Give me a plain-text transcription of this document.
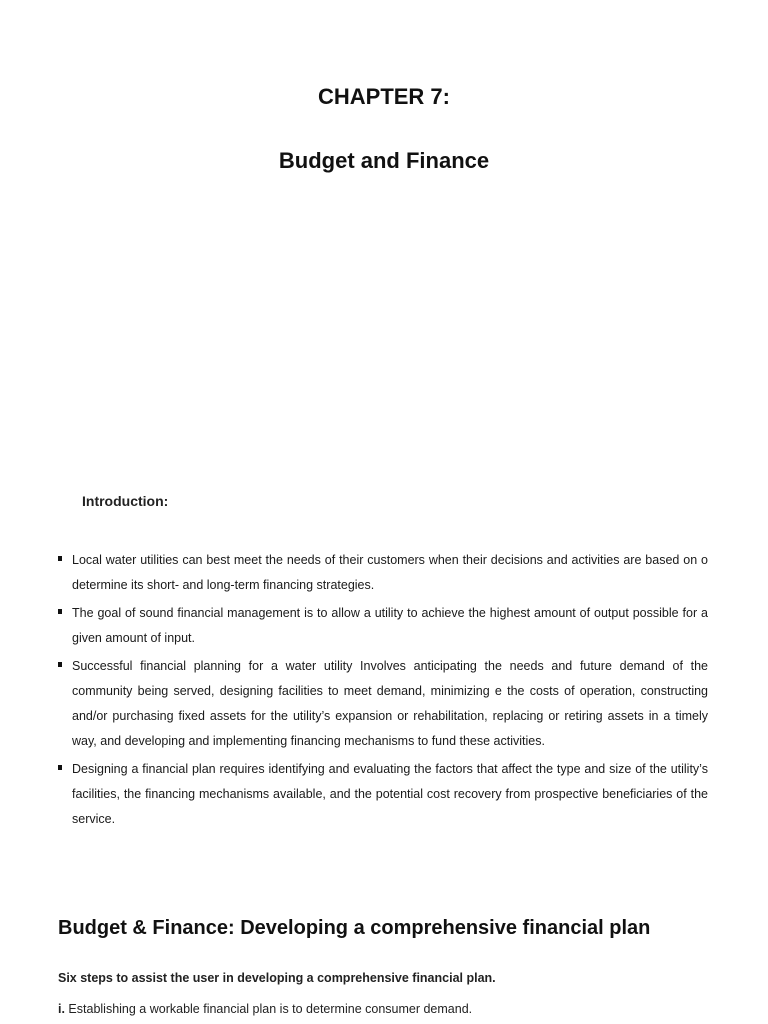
CHAPTER 7:
Budget and Finance
Introduction:
Local water utilities can best meet the needs of their customers when their decisions and activities are based on o determine its short- and long-term financing strategies.
The goal of sound financial management is to allow a utility to achieve the highest amount of output possible for a given amount of input.
Successful financial planning for a water utility Involves anticipating the needs and future demand of the community being served, designing facilities to meet demand, minimizing e the costs of operation, constructing and/or purchasing fixed assets for the utility’s expansion or rehabilitation, replacing or retiring assets in a timely way, and developing and implementing financing mechanisms to fund these activities.
Designing a financial plan requires identifying and evaluating the factors that affect the type and size of the utility’s facilities, the financing mechanisms available, and the potential cost recovery from prospective beneficiaries of the service.
Budget & Finance: Developing a comprehensive financial plan
Six steps to assist the user in developing a comprehensive financial plan.
i. Establishing a workable financial plan is to determine consumer demand.
